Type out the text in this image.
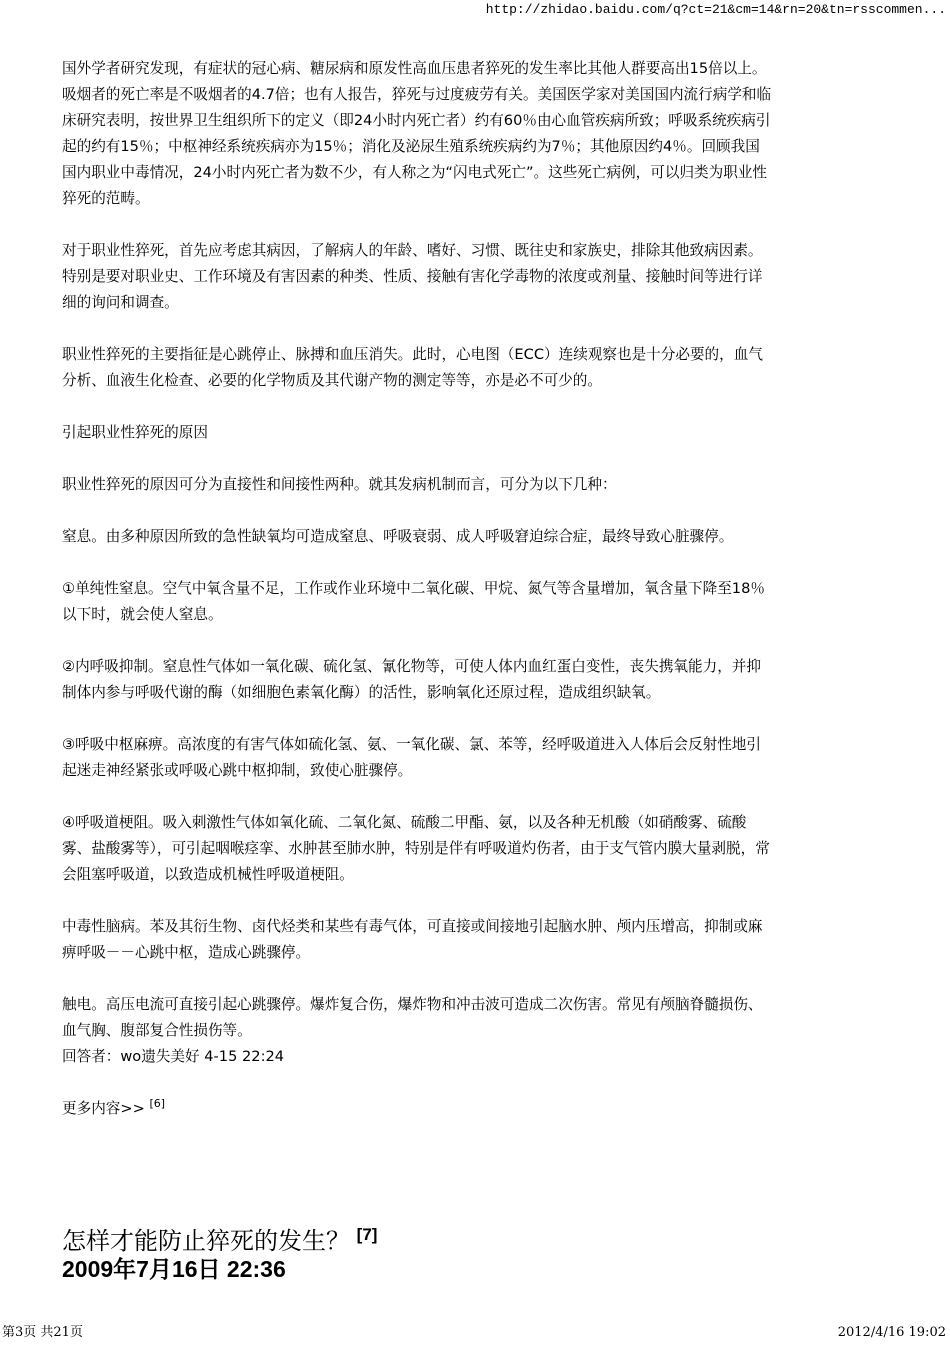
http://zhidao.baidu.com/q?ct=21&cm=14&rn=20&tn=rsscommen...

国外学者研究发现，有症状的冠心病、糖尿病和原发性高血压患者猝死的发生率比其他人群要高出15倍以上。吸烟者的死亡率是不吸烟者的4.7倍；也有人报告，猝死与过度疲劳有关。美国医学家对美国国内流行病学和临床研究表明，按世界卫生组织所下的定义（即24小时内死亡者）约有60％由心血管疾病所致；呼吸系统疾病引起的约有15％；中枢神经系统疾病亦为15％；消化及泌尿生殖系统疾病约为7％；其他原因约4％。回顾我国国内职业中毒情况，24小时内死亡者为数不少，有人称之为“闪电式死亡”。这些死亡病例，可以归类为职业性猝死的范畴。

对于职业性猝死，首先应考虑其病因，了解病人的年龄、嗜好、习惯、既往史和家族史，排除其他致病因素。特别是要对职业史、工作环境及有害因素的种类、性质、接触有害化学毒物的浓度或剂量、接触时间等进行详细的询问和调查。

职业性猝死的主要指征是心跳停止、脉搏和血压消失。此时，心电图（ECC）连续观察也是十分必要的，血气分析、血液生化检查、必要的化学物质及其代谢产物的测定等等，亦是必不可少的。

引起职业性猝死的原因

职业性猝死的原因可分为直接性和间接性两种。就其发病机制而言，可分为以下几种：

窒息。由多种原因所致的急性缺氧均可造成窒息、呼吸衰弱、成人呼吸窘迫综合症，最终导致心脏骤停。

①单纯性窒息。空气中氧含量不足，工作或作业环境中二氧化碳、甲烷、氮气等含量增加，氧含量下降至18％以下时，就会使人窒息。

②内呼吸抑制。窒息性气体如一氧化碳、硫化氢、氰化物等，可使人体内血红蛋白变性，丧失携氧能力，并抑制体内参与呼吸代谢的酶（如细胞色素氧化酶）的活性，影响氧化还原过程，造成组织缺氧。

③呼吸中枢麻痹。高浓度的有害气体如硫化氢、氨、一氧化碳、氯、苯等，经呼吸道进入人体后会反射性地引起迷走神经紧张或呼吸心跳中枢抑制，致使心脏骤停。

④呼吸道梗阻。吸入刺激性气体如氧化硫、二氧化氮、硫酸二甲酯、氨，以及各种无机酸（如硝酸雾、硫酸雾、盐酸雾等），可引起咽喉痉挛、水肿甚至肺水肿，特别是伴有呼吸道灼伤者，由于支气管内膜大量剥脱，常会阻塞呼吸道，以致造成机械性呼吸道梗阻。

中毒性脑病。苯及其衍生物、卤代烃类和某些有毒气体，可直接或间接地引起脑水肿、颅内压增高，抑制或麻痹呼吸－－心跳中枢，造成心跳骤停。

触电。高压电流可直接引起心跳骤停。爆炸复合伤，爆炸物和冲击波可造成二次伤害。常见有颅脑脊髓损伤、血气胸、腹部复合性损伤等。

回答者：wo遗失美好 4-15 22:24
更多内容>> [6]
怎样才能防止猝死的发生？ [7]
2009年7月16日 22:36
第3页 共21页	2012/4/16 19:02
